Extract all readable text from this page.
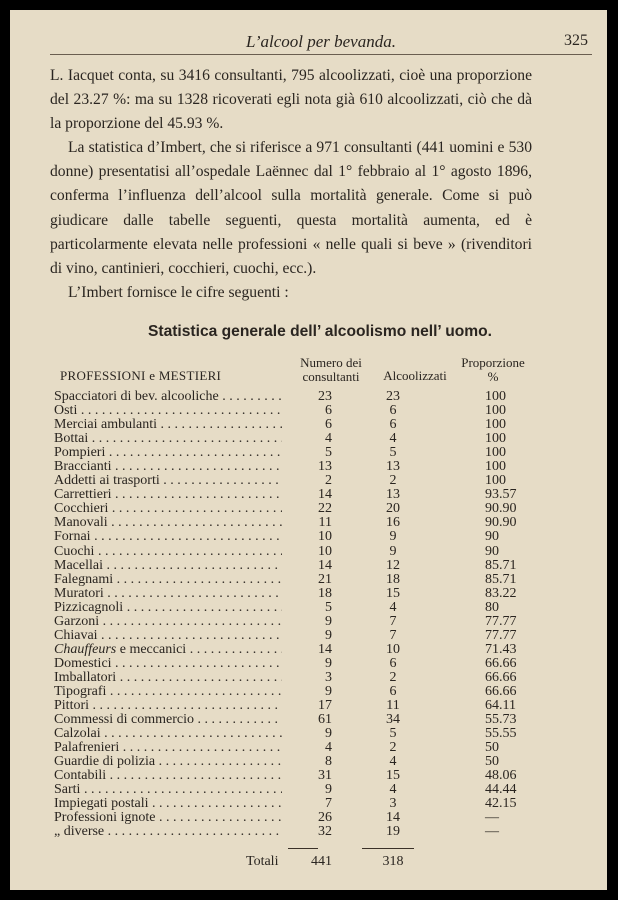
L’alcool per bevanda.	325

L. Iacquet conta, su 3416 consultanti, 795 alcoolizzati, cioè una proporzione del 23.27 %: ma su 1328 ricoverati egli nota già 610 alcoolizzati, ciò che dà la proporzione del 45.93 %.

La statistica d’Imbert, che si riferisce a 971 consultanti (441 uomini e 530 donne) presentatisi all’ospedale Laënnec dal 1° febbraio al 1° agosto 1896, conferma l’influenza dell’alcool sulla mortalità generale. Come si può giudicare dalle tabelle seguenti, questa mortalità aumenta, ed è particolarmente elevata nelle professioni « nelle quali si beve » (rivenditori di vino, cantinieri, cocchieri, cuochi, ecc.).

L’Imbert fornisce le cifre seguenti :

Statistica generale dell’ alcoolismo nell’ uomo.
PROFESSIONI e MESTIERI
Numero dei
consultanti	Alcoolizzati
Proporzione
%
Spacciatori di bev. alcooliche . . .	23	23	100
Osti . . .	6	6	100
Merciai ambulanti . . .	6	6	100
Bottai . . .	4	4	100
Pompieri . . .	5	5	100
Braccianti . . .	13	13	100
Addetti ai trasporti . . .	2	2	100
Carrettieri . . .	14	13	93.57
Cocchieri . . .	22	20	90.90
Manovali . . .	11	16	90.90
Fornai . . .	10	9	90
Cuochi . . .	10	9	90
Macellai . . .	14	12	85.71
Falegnami . . .	21	18	85.71
Muratori . . .	18	15	83.22
Pizzicagnoli . . .	5	4	80
Garzoni . . .	9	7	77.77
Chiavai . . .	9	7	77.77
Chauffeurs e meccanici . . .	14	10	71.43
Domestici . . .	9	6	66.66
Imballatori . . .	3	2	66.66
Tipografi . . .	9	6	66.66
Pittori . . .	17	11	64.11
Commessi di commercio . . .	61	34	55.73
Calzolai . . .	9	5	55.55
Palafrenieri . . .	4	2	50
Guardie di polizia . . .	8	4	50
Contabili . . .	31	15	48.06
Sarti . . .	9	4	44.44
Impiegati postali . . .	7	3	42.15
Professioni ignote . . .	26	14	—
„ diverse . . .	32	19	—
Totali	441	318
